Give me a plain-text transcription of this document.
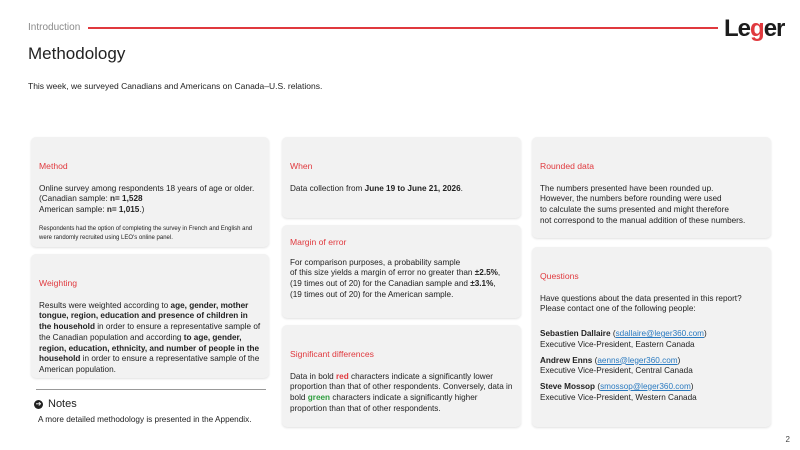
Introduction	Leger
Methodology
This week, we surveyed Canadians and Americans on Canada–U.S. relations.
Method
Online survey among respondents 18 years of age or older.
(Canadian sample: n= 1,528
American sample: n= 1,015.)
Respondents had the option of completing the survey in French and English and were randomly recruited using LEO's online panel.
Weighting
Results were weighted according to age, gender, mother tongue, region, education and presence of children in the household in order to ensure a representative sample of the Canadian population and according to age, gender, region, education, ethnicity, and number of people in the household in order to ensure a representative sample of the American population.
When
Data collection from June 19 to June 21, 2026.
Margin of error
For comparison purposes, a probability sample
of this size yields a margin of error no greater than ±2.5%,
(19 times out of 20) for the Canadian sample and ±3.1%,
(19 times out of 20) for the American sample.
Significant differences
Data in bold red characters indicate a significantly lower proportion than that of other respondents. Conversely, data in bold green characters indicate a significantly higher proportion than that of other respondents.
Rounded data
The numbers presented have been rounded up.
However, the numbers before rounding were used
to calculate the sums presented and might therefore
not correspond to the manual addition of these numbers.
Questions
Have questions about the data presented in this report?
Please contact one of the following people:
Sebastien Dallaire (sdallaire@leger360.com)
Executive Vice-President, Eastern Canada
Andrew Enns (aenns@leger360.com)
Executive Vice-President, Central Canada
Steve Mossop (smossop@leger360.com)
Executive Vice-President, Western Canada
➔ Notes
A more detailed methodology is presented in the Appendix.
2
